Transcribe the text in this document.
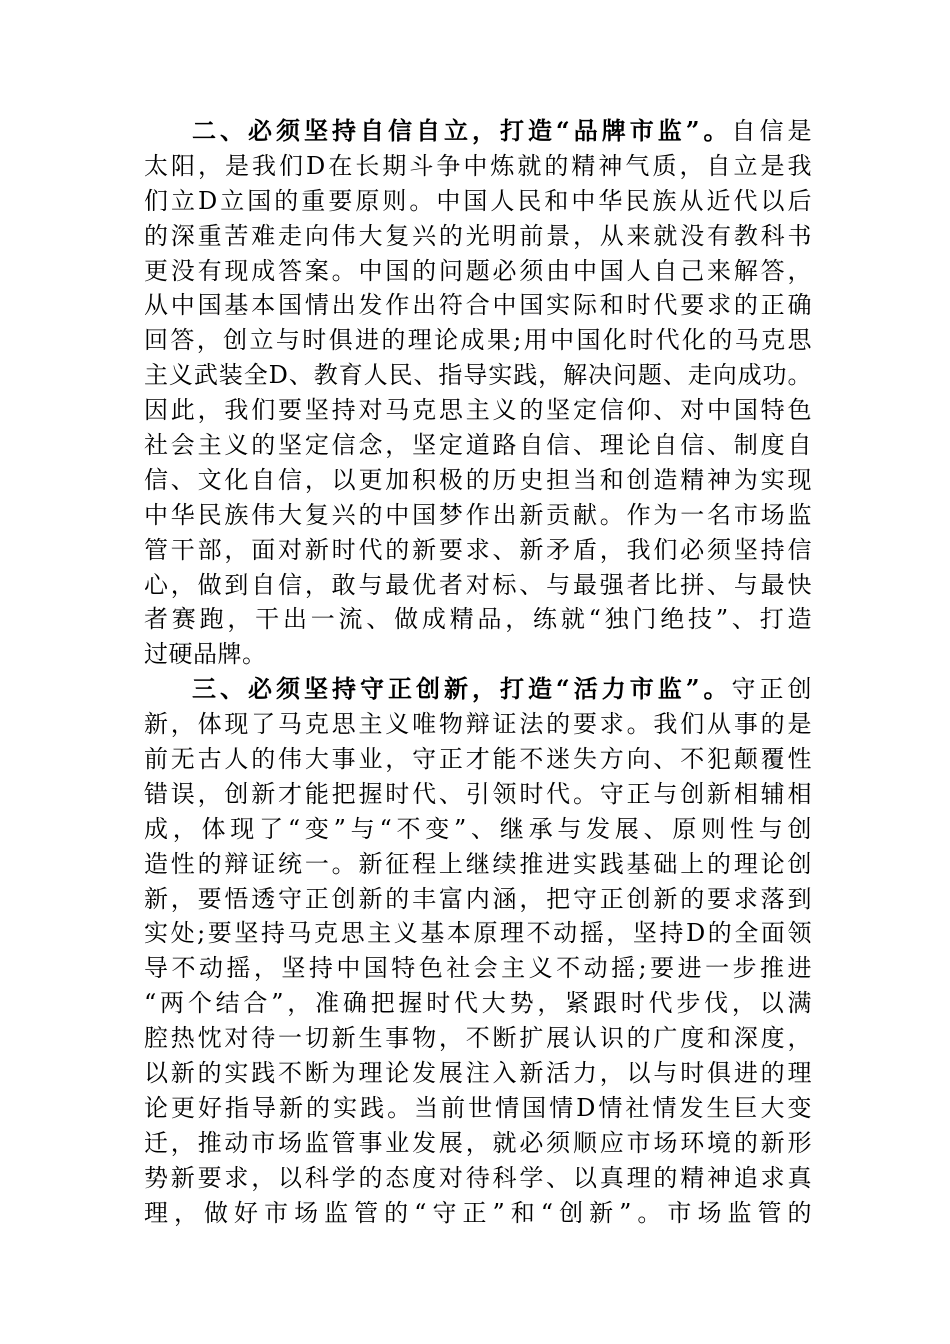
二、必须坚持自信自立，打造“品牌市监”。自信是
太阳，是我们D在长期斗争中炼就的精神气质，自立是我
们立D立国的重要原则。中国人民和中华民族从近代以后
的深重苦难走向伟大复兴的光明前景，从来就没有教科书
更没有现成答案。中国的问题必须由中国人自己来解答，
从中国基本国情出发作出符合中国实际和时代要求的正确
回答，创立与时俱进的理论成果;用中国化时代化的马克思
主义武装全D、教育人民、指导实践，解决问题、走向成功。
因此，我们要坚持对马克思主义的坚定信仰、对中国特色
社会主义的坚定信念，坚定道路自信、理论自信、制度自
信、文化自信，以更加积极的历史担当和创造精神为实现
中华民族伟大复兴的中国梦作出新贡献。作为一名市场监
管干部，面对新时代的新要求、新矛盾，我们必须坚持信
心，做到自信，敢与最优者对标、与最强者比拼、与最快
者赛跑，干出一流、做成精品，练就“独门绝技”、打造
过硬品牌。
三、必须坚持守正创新，打造“活力市监”。守正创
新，体现了马克思主义唯物辩证法的要求。我们从事的是
前无古人的伟大事业，守正才能不迷失方向、不犯颠覆性
错误，创新才能把握时代、引领时代。守正与创新相辅相
成，体现了“变”与“不变”、继承与发展、原则性与创
造性的辩证统一。新征程上继续推进实践基础上的理论创
新，要悟透守正创新的丰富内涵，把守正创新的要求落到
实处;要坚持马克思主义基本原理不动摇，坚持D的全面领
导不动摇，坚持中国特色社会主义不动摇;要进一步推进
“两个结合”，准确把握时代大势，紧跟时代步伐，以满
腔热忱对待一切新生事物，不断扩展认识的广度和深度，
以新的实践不断为理论发展注入新活力，以与时俱进的理
论更好指导新的实践。当前世情国情D情社情发生巨大变
迁，推动市场监管事业发展，就必须顺应市场环境的新形
势新要求，以科学的态度对待科学、以真理的精神追求真
理，做好市场监管的“守正”和“创新”。市场监管的
